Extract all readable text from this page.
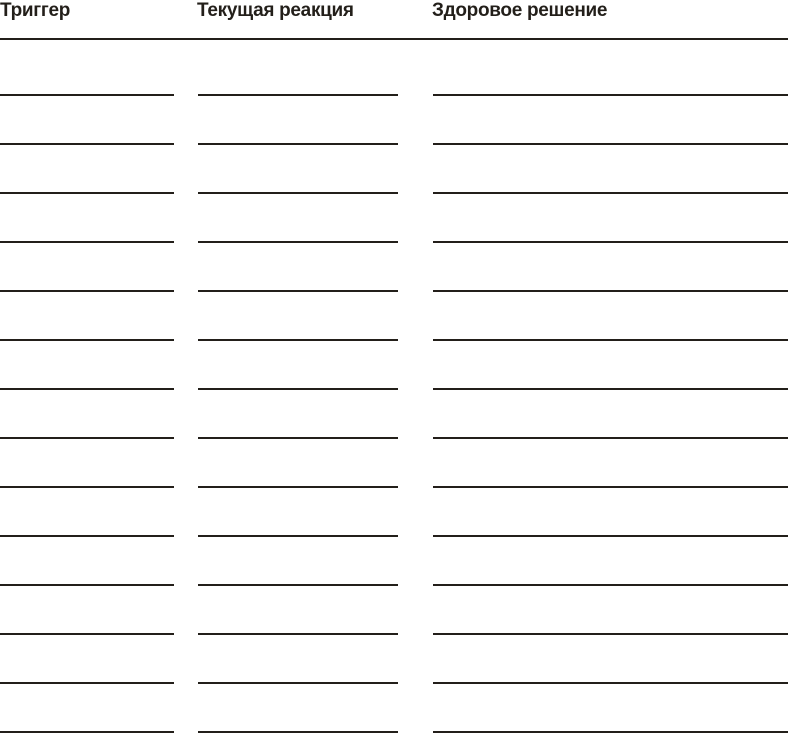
Триггер	Текущая реакция	Здоровое решение
